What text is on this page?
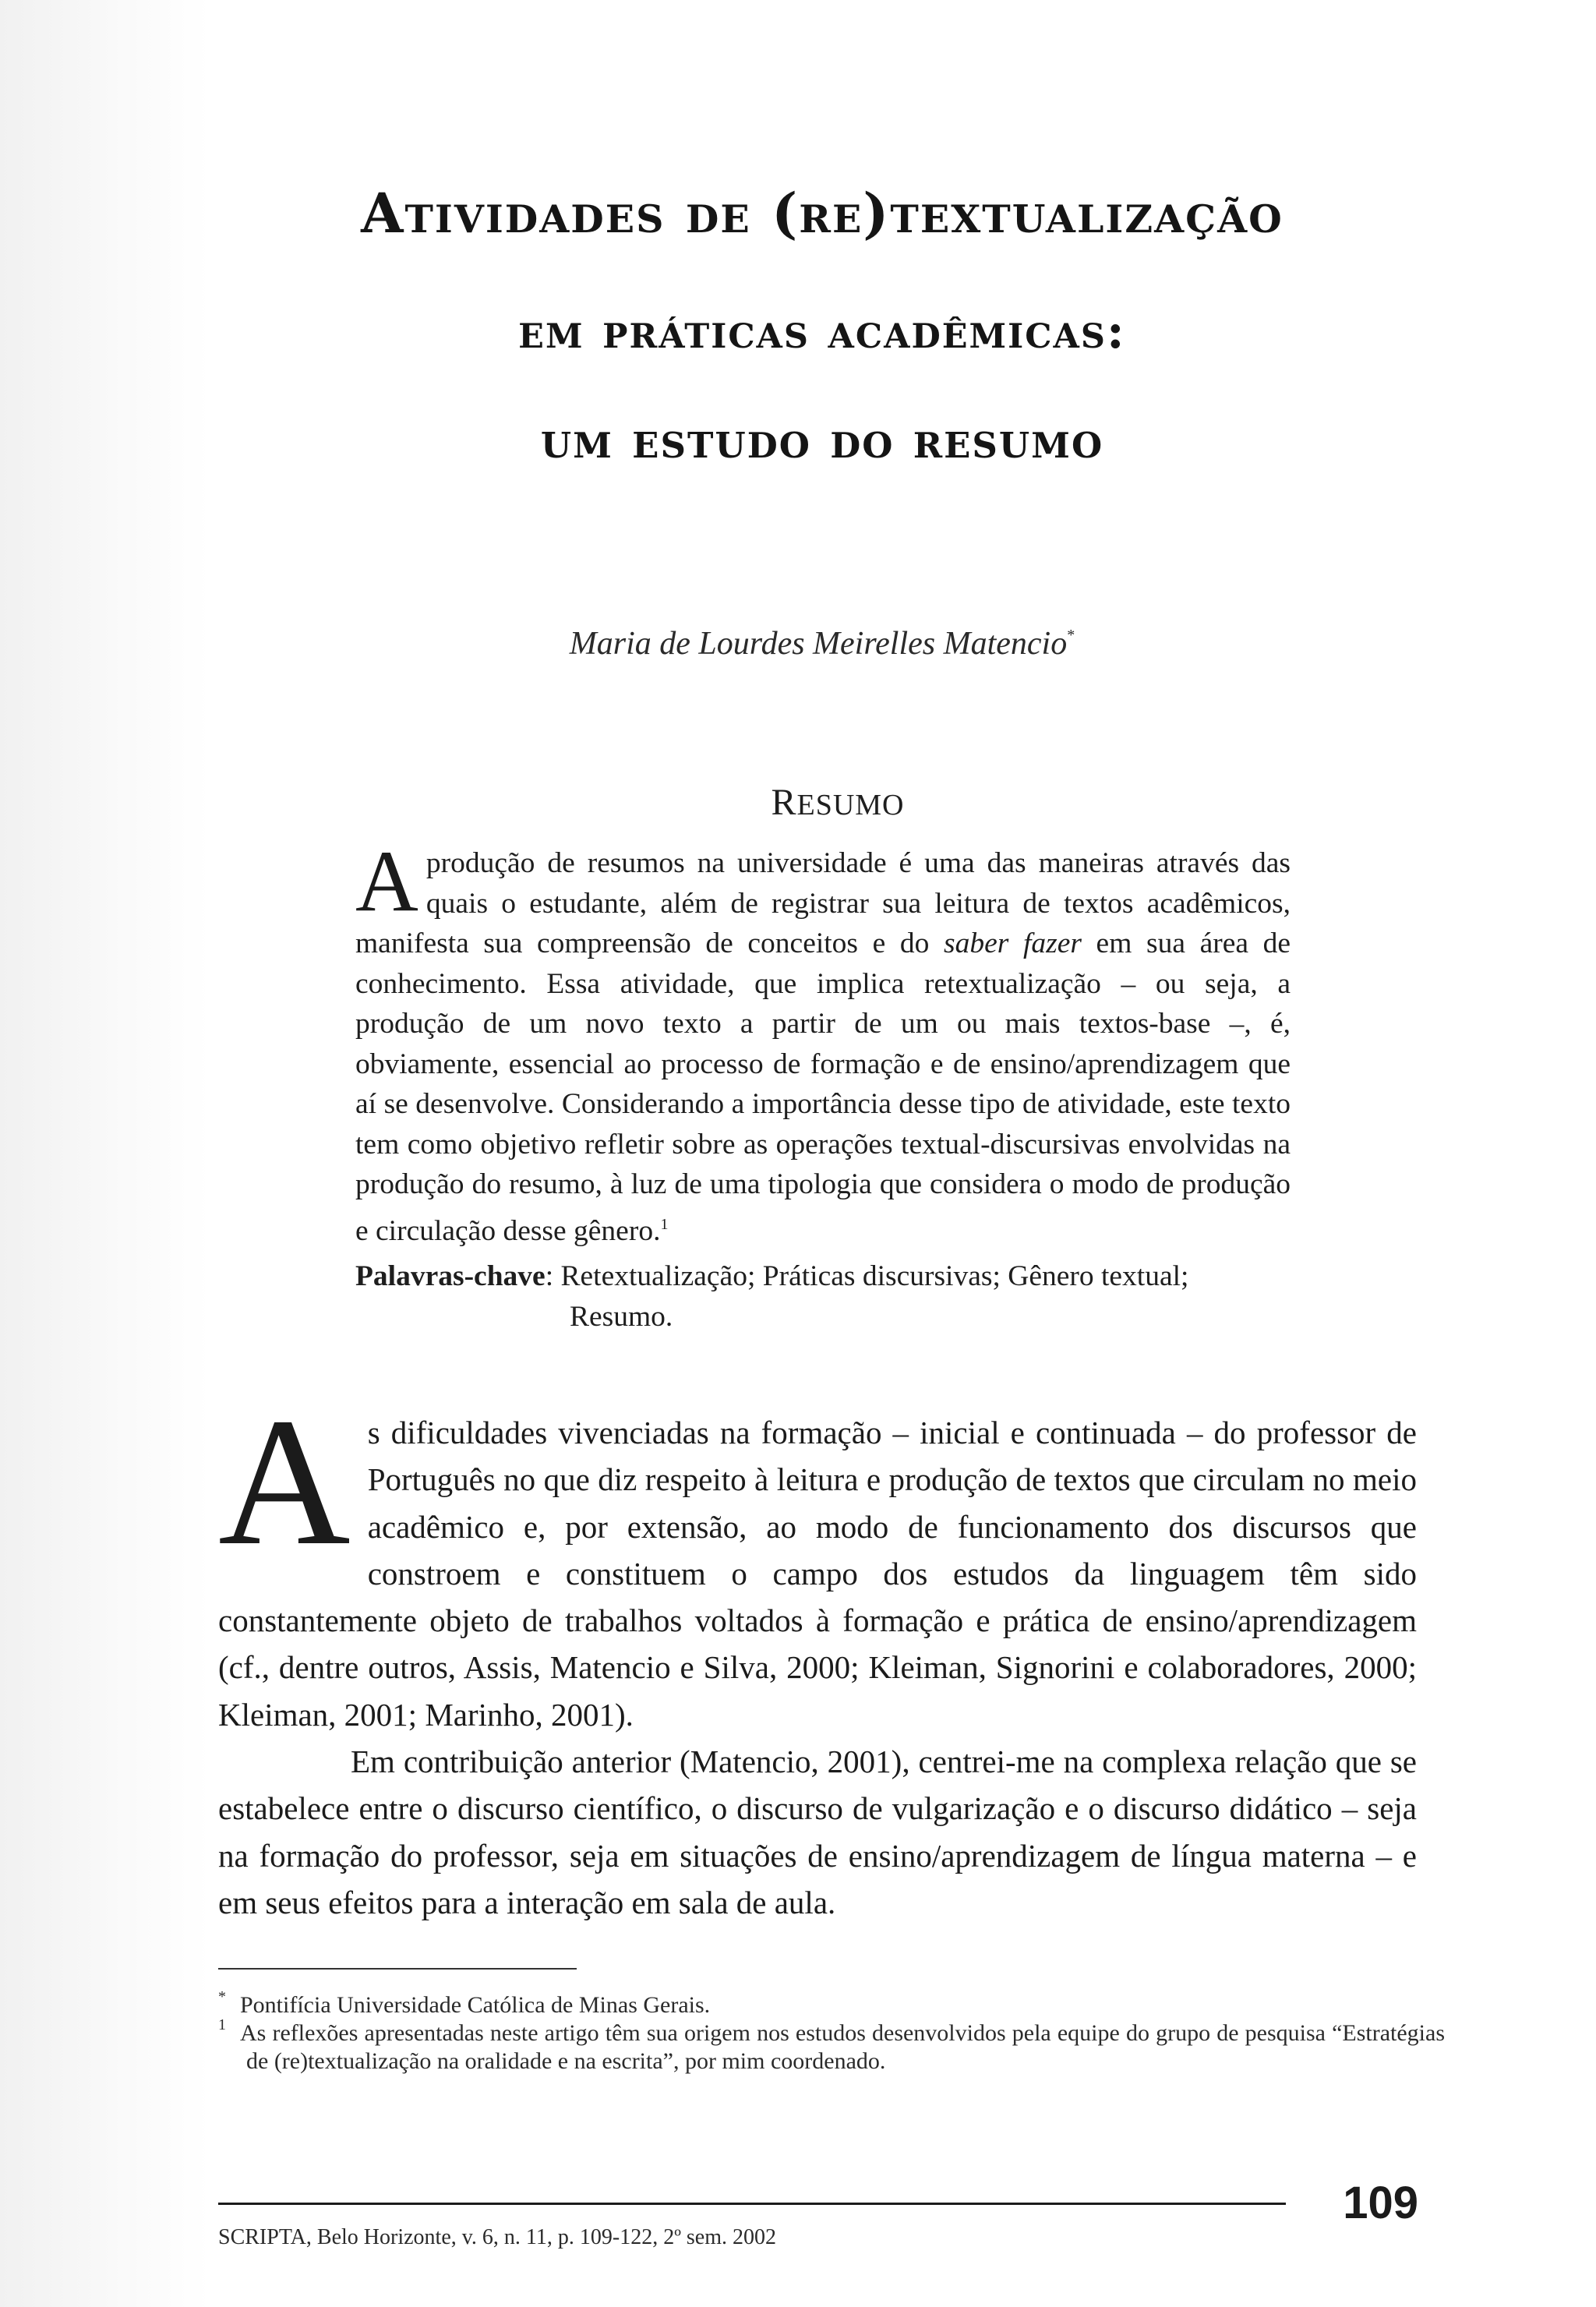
Atividades de (re)textualização
em práticas acadêmicas:
um estudo do resumo
Maria de Lourdes Meirelles Matencio*
RESUMO

Aprodução de resumos na universidade é uma das maneiras através das quais o estudante, além de registrar sua leitura de textos acadêmicos, manifesta sua compreensão de conceitos e do saber fazer em sua área de conhecimento. Essa atividade, que implica retextualização – ou seja, a produção de um novo texto a partir de um ou mais textos-base –, é, obviamente, essencial ao processo de formação e de ensino/aprendizagem que aí se desenvolve. Considerando a importância desse tipo de atividade, este texto tem como objetivo refletir sobre as operações textual-discursivas envolvidas na produção do resumo, à luz de uma tipologia que considera o modo de produção e circulação desse gênero.$^1$

Palavras-chave: Retextualização; Práticas discursivas; Gênero textual;
Resumo.

As dificuldades vivenciadas na formação – inicial e continuada – do professor de Português no que diz respeito à leitura e produção de textos que circulam no meio acadêmico e, por extensão, ao modo de funcionamento dos discursos que constroem e constituem o campo dos estudos da linguagem têm sido constantemente objeto de trabalhos voltados à formação e prática de ensino/aprendizagem (cf., dentre outros, Assis, Matencio e Silva, 2000; Kleiman, Signorini e colaboradores, 2000; Kleiman, 2001; Marinho, 2001).

Em contribuição anterior (Matencio, 2001), centrei-me na complexa relação que se estabelece entre o discurso científico, o discurso de vulgarização e o discurso didático – seja na formação do professor, seja em situações de ensino/aprendizagem de língua materna – e em seus efeitos para a interação em sala de aula.

* Pontifícia Universidade Católica de Minas Gerais.
$^1$ As reflexões apresentadas neste artigo têm sua origem nos estudos desenvolvidos pela equipe do grupo de pesquisa “Estratégias de (re)textualização na oralidade e na escrita”, por mim coordenado.
SCRIPTA, Belo Horizonte, v. 6, n. 11, p. 109-122, 2º sem. 2002
109
